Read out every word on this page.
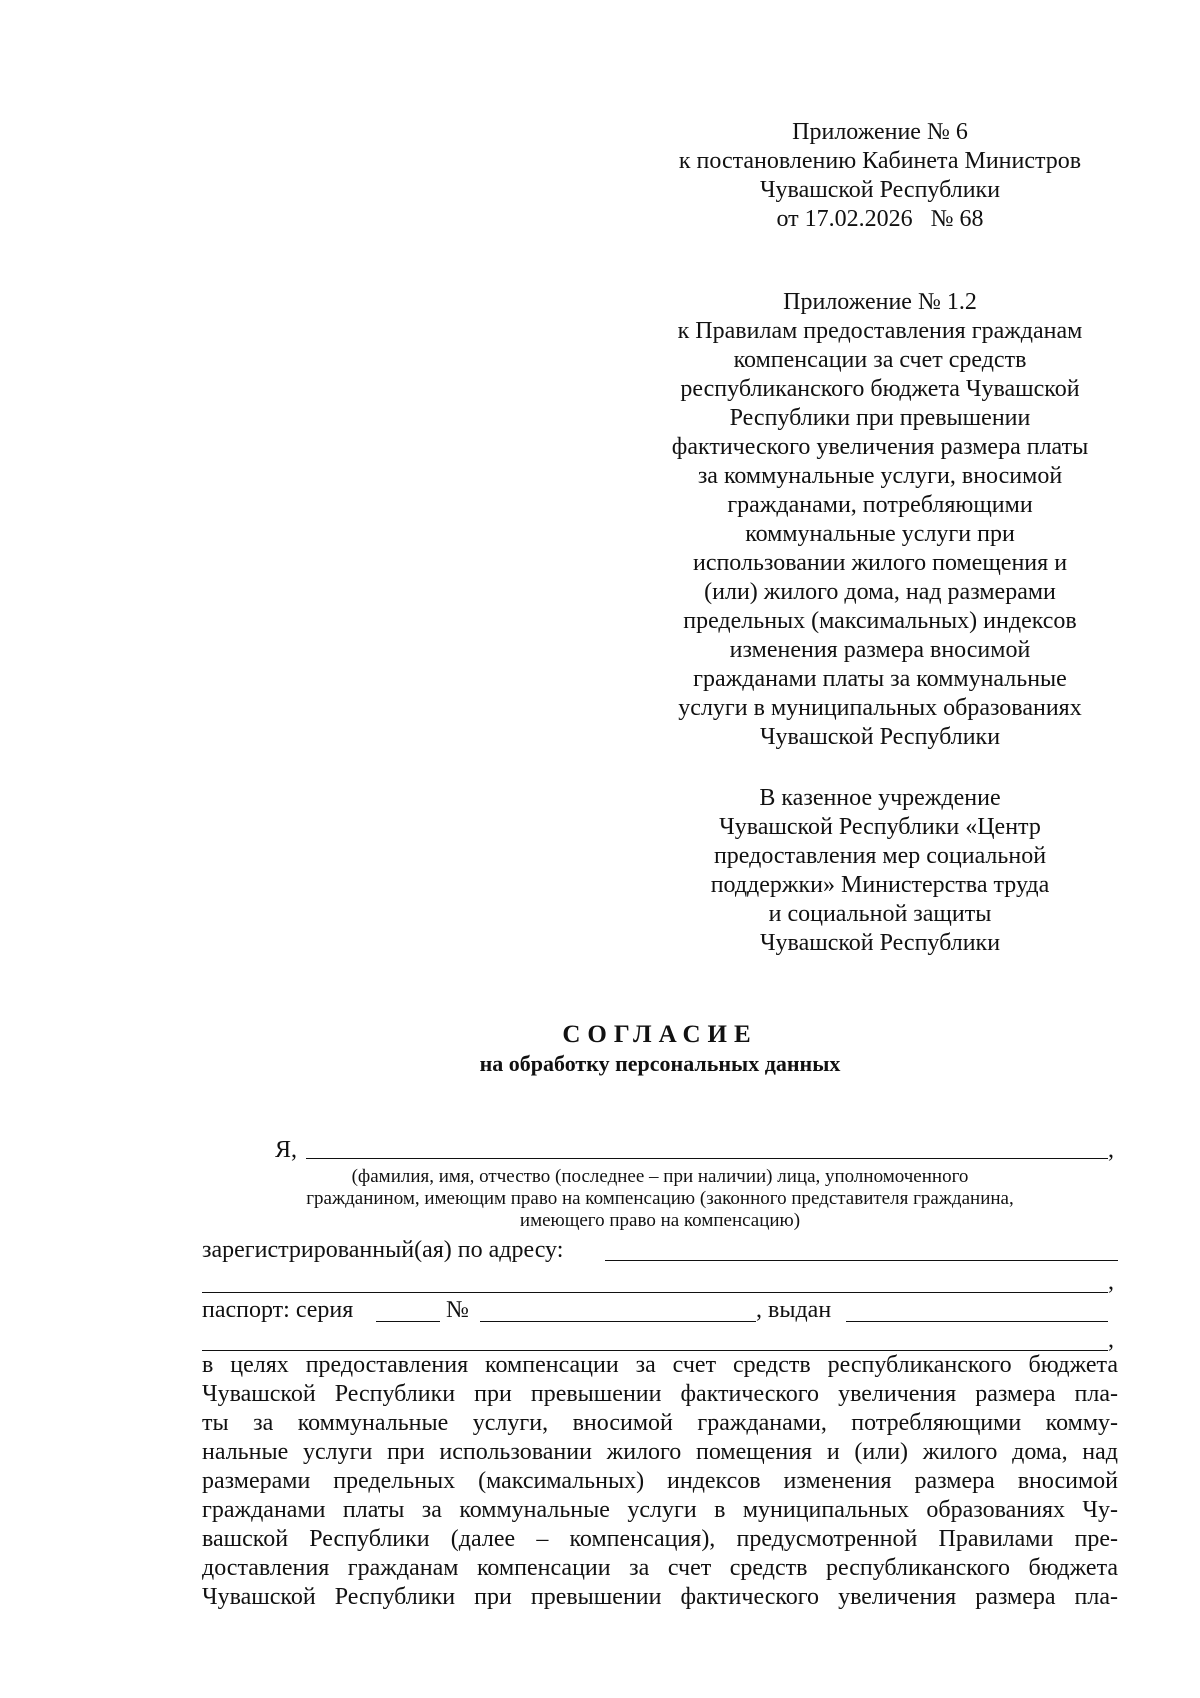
Приложение № 6
к постановлению Кабинета Министров
Чувашской Республики
от 17.02.2026   № 68
Приложение № 1.2
к Правилам предоставления гражданам
компенсации за счет средств
республиканского бюджета Чувашской
Республики при превышении
фактического увеличения размера платы
за коммунальные услуги, вносимой
гражданами, потребляющими
коммунальные услуги при
использовании жилого помещения и
(или) жилого дома, над размерами
предельных (максимальных) индексов
изменения размера вносимой
гражданами платы за коммунальные
услуги в муниципальных образованиях
Чувашской Республики
В казенное учреждение
Чувашской Республики «Центр
предоставления мер социальной
поддержки» Министерства труда
и социальной защиты
Чувашской Республики
СОГЛАСИЕ
на обработку персональных данных
Я,	,
(фамилия, имя, отчество (последнее – при наличии) лица, уполномоченного
гражданином, имеющим право на компенсацию (законного представителя гражданина,
имеющего право на компенсацию)
зарегистрированный(ая) по адресу:
,
паспорт: серия	№	, выдан
,
в целях предоставления компенсации за счет средств республиканского бюджета
Чувашской Республики при превышении фактического увеличения размера пла-
ты за коммунальные услуги, вносимой гражданами, потребляющими комму-
нальные услуги при использовании жилого помещения и (или) жилого дома, над
размерами предельных (максимальных) индексов изменения размера вносимой
гражданами платы за коммунальные услуги в муниципальных образованиях Чу-
вашской Республики (далее – компенсация), предусмотренной Правилами пре-
доставления гражданам компенсации за счет средств республиканского бюджета
Чувашской Республики при превышении фактического увеличения размера пла-
